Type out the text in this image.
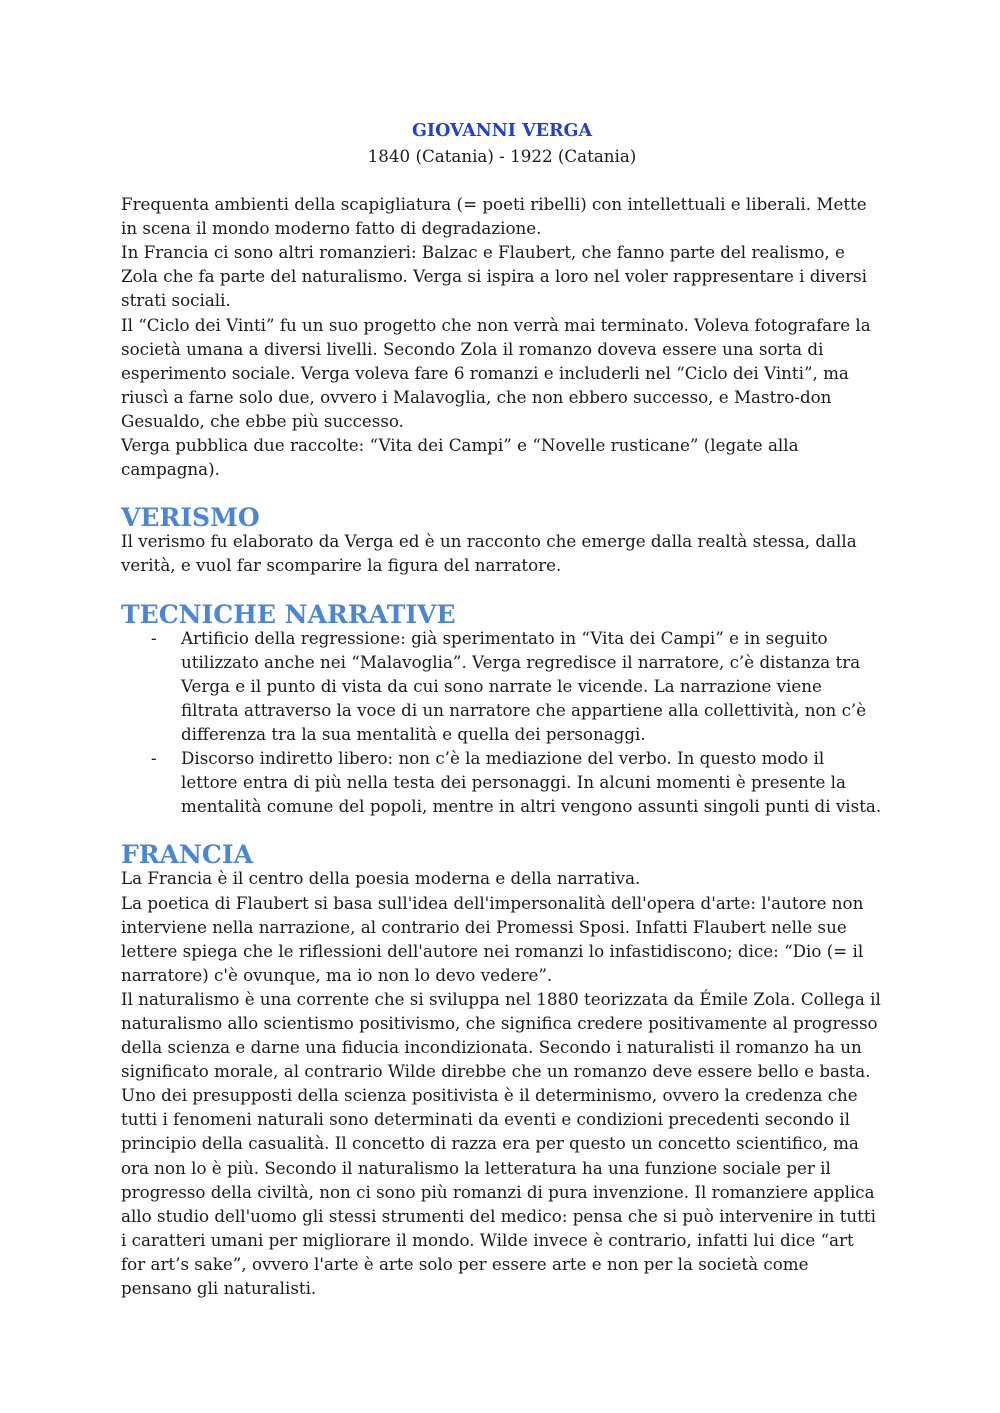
GIOVANNI VERGA

1840 (Catania) - 1922 (Catania)

Frequenta ambienti della scapigliatura (= poeti ribelli) con intellettuali e liberali. Mette in scena il mondo moderno fatto di degradazione.

In Francia ci sono altri romanzieri: Balzac e Flaubert, che fanno parte del realismo, e Zola che fa parte del naturalismo. Verga si ispira a loro nel voler rappresentare i diversi strati sociali.

Il “Ciclo dei Vinti” fu un suo progetto che non verrà mai terminato. Voleva fotografare la società umana a diversi livelli. Secondo Zola il romanzo doveva essere una sorta di esperimento sociale. Verga voleva fare 6 romanzi e includerli nel “Ciclo dei Vinti”, ma riuscì a farne solo due, ovvero i Malavoglia, che non ebbero successo, e Mastro-don Gesualdo, che ebbe più successo.

Verga pubblica due raccolte: “Vita dei Campi” e “Novelle rusticane” (legate alla campagna).

VERISMO

Il verismo fu elaborato da Verga ed è un racconto che emerge dalla realtà stessa, dalla verità, e vuol far scomparire la figura del narratore.

TECNICHE NARRATIVE
- Artificio della regressione: già sperimentato in “Vita dei Campi” e in seguito utilizzato anche nei “Malavoglia”. Verga regredisce il narratore, c’è distanza tra Verga e il punto di vista da cui sono narrate le vicende. La narrazione viene filtrata attraverso la voce di un narratore che appartiene alla collettività, non c’è differenza tra la sua mentalità e quella dei personaggi.
- Discorso indiretto libero: non c’è la mediazione del verbo. In questo modo il lettore entra di più nella testa dei personaggi. In alcuni momenti è presente la mentalità comune del popoli, mentre in altri vengono assunti singoli punti di vista.
FRANCIA

La Francia è il centro della poesia moderna e della narrativa.

La poetica di Flaubert si basa sull'idea dell'impersonalità dell'opera d'arte: l'autore non interviene nella narrazione, al contrario dei Promessi Sposi. Infatti Flaubert nelle sue lettere spiega che le riflessioni dell'autore nei romanzi lo infastidiscono; dice: “Dio (= il narratore) c'è ovunque, ma io non lo devo vedere”.

Il naturalismo è una corrente che si sviluppa nel 1880 teorizzata da Émile Zola. Collega il naturalismo allo scientismo positivismo, che significa credere positivamente al progresso della scienza e darne una fiducia incondizionata. Secondo i naturalisti il romanzo ha un significato morale, al contrario Wilde direbbe che un romanzo deve essere bello e basta. Uno dei presupposti della scienza positivista è il determinismo, ovvero la credenza che tutti i fenomeni naturali sono determinati da eventi e condizioni precedenti secondo il principio della casualità. Il concetto di razza era per questo un concetto scientifico, ma ora non lo è più. Secondo il naturalismo la letteratura ha una funzione sociale per il progresso della civiltà, non ci sono più romanzi di pura invenzione. Il romanziere applica allo studio dell'uomo gli stessi strumenti del medico: pensa che si può intervenire in tutti i caratteri umani per migliorare il mondo. Wilde invece è contrario, infatti lui dice “art for art’s sake”, ovvero l'arte è arte solo per essere arte e non per la società come pensano gli naturalisti.
